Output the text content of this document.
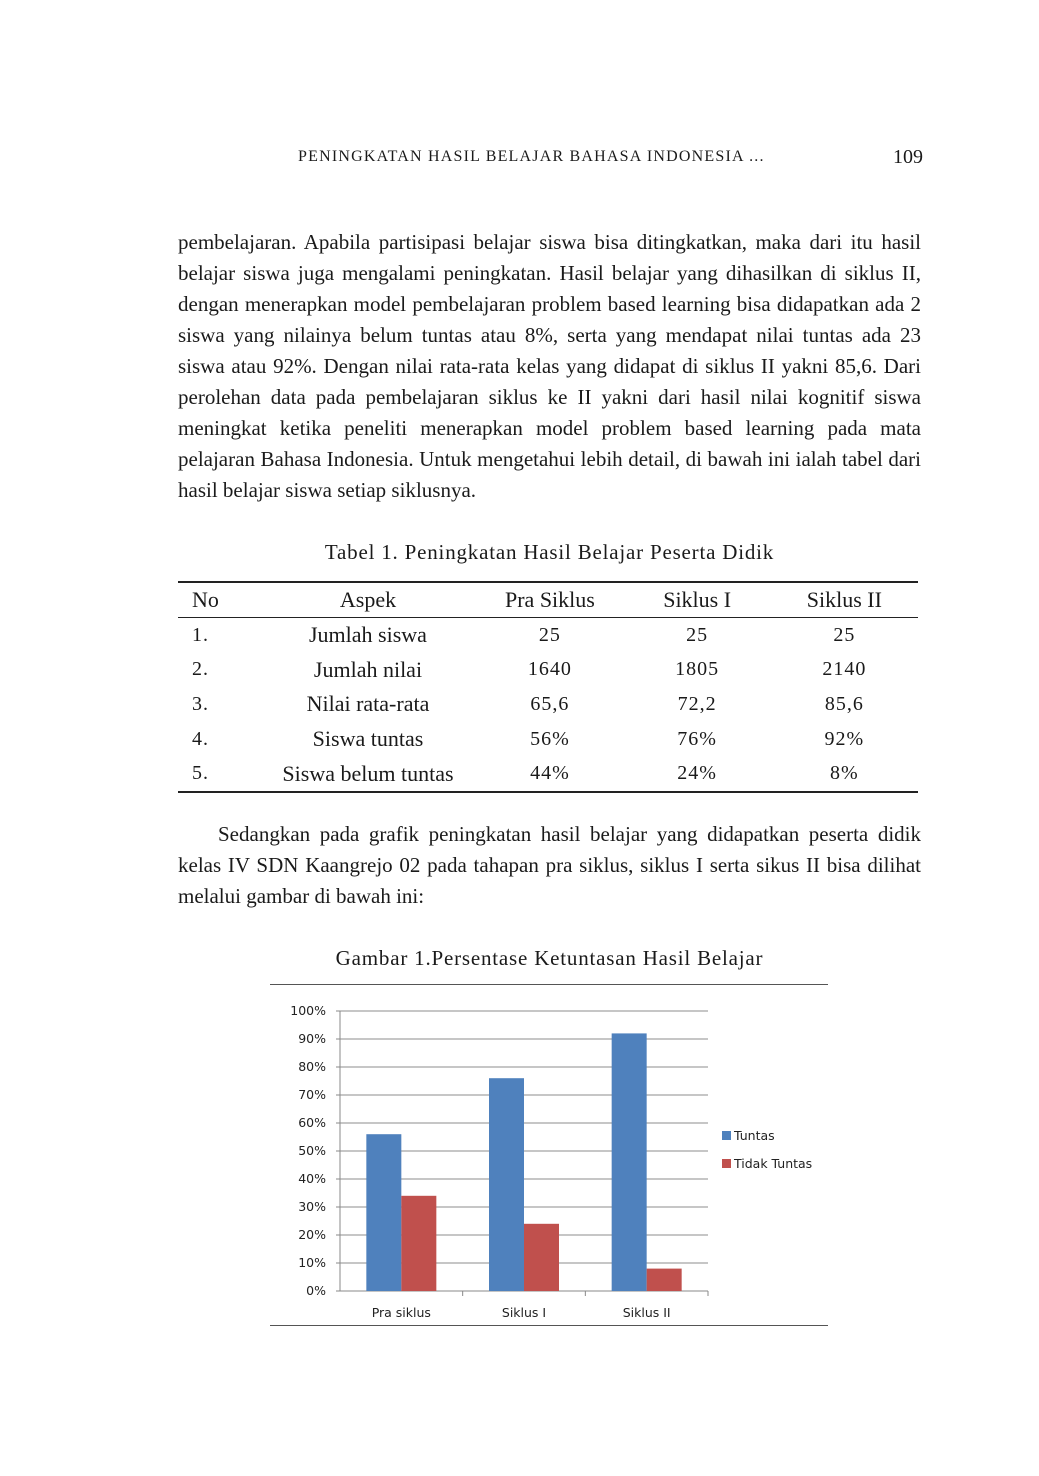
PENINGKATAN HASIL BELAJAR BAHASA INDONESIA ...	109

pembelajaran. Apabila partisipasi belajar siswa bisa ditingkatkan, maka dari itu hasil belajar siswa juga mengalami peningkatan. Hasil belajar yang dihasilkan di siklus II, dengan menerapkan model pembelajaran problem based learning bisa didapatkan ada 2 siswa yang nilainya belum tuntas atau 8%, serta yang mendapat nilai tuntas ada 23 siswa atau 92%. Dengan nilai rata-rata kelas yang didapat di siklus II yakni 85,6. Dari perolehan data pada pembelajaran siklus ke II yakni dari hasil nilai kognitif siswa meningkat ketika peneliti menerapkan model problem based learning pada mata pelajaran Bahasa Indonesia. Untuk mengetahui lebih detail, di bawah ini ialah tabel dari hasil belajar siswa setiap siklusnya.

Tabel 1. Peningkatan Hasil Belajar Peserta Didik
No	Aspek	Pra Siklus	Siklus I	Siklus II
1.	Jumlah siswa	25	25	25
2.	Jumlah nilai	1640	1805	2140
3.	Nilai rata-rata	65,6	72,2	85,6
4.	Siswa tuntas	56%	76%	92%
5.	Siswa belum tuntas	44%	24%	8%

Sedangkan pada grafik peningkatan hasil belajar yang didapatkan peserta didik kelas IV SDN Kaangrejo 02 pada tahapan pra siklus, siklus I serta sikus II bisa dilihat melalui gambar di bawah ini:

Gambar 1.Persentase Ketuntasan Hasil Belajar
0%
10%
20%
30%
40%
50%
60%
70%
80%
90%
100%
Pra siklus	Siklus I	Siklus II
Tuntas
Tidak Tuntas
